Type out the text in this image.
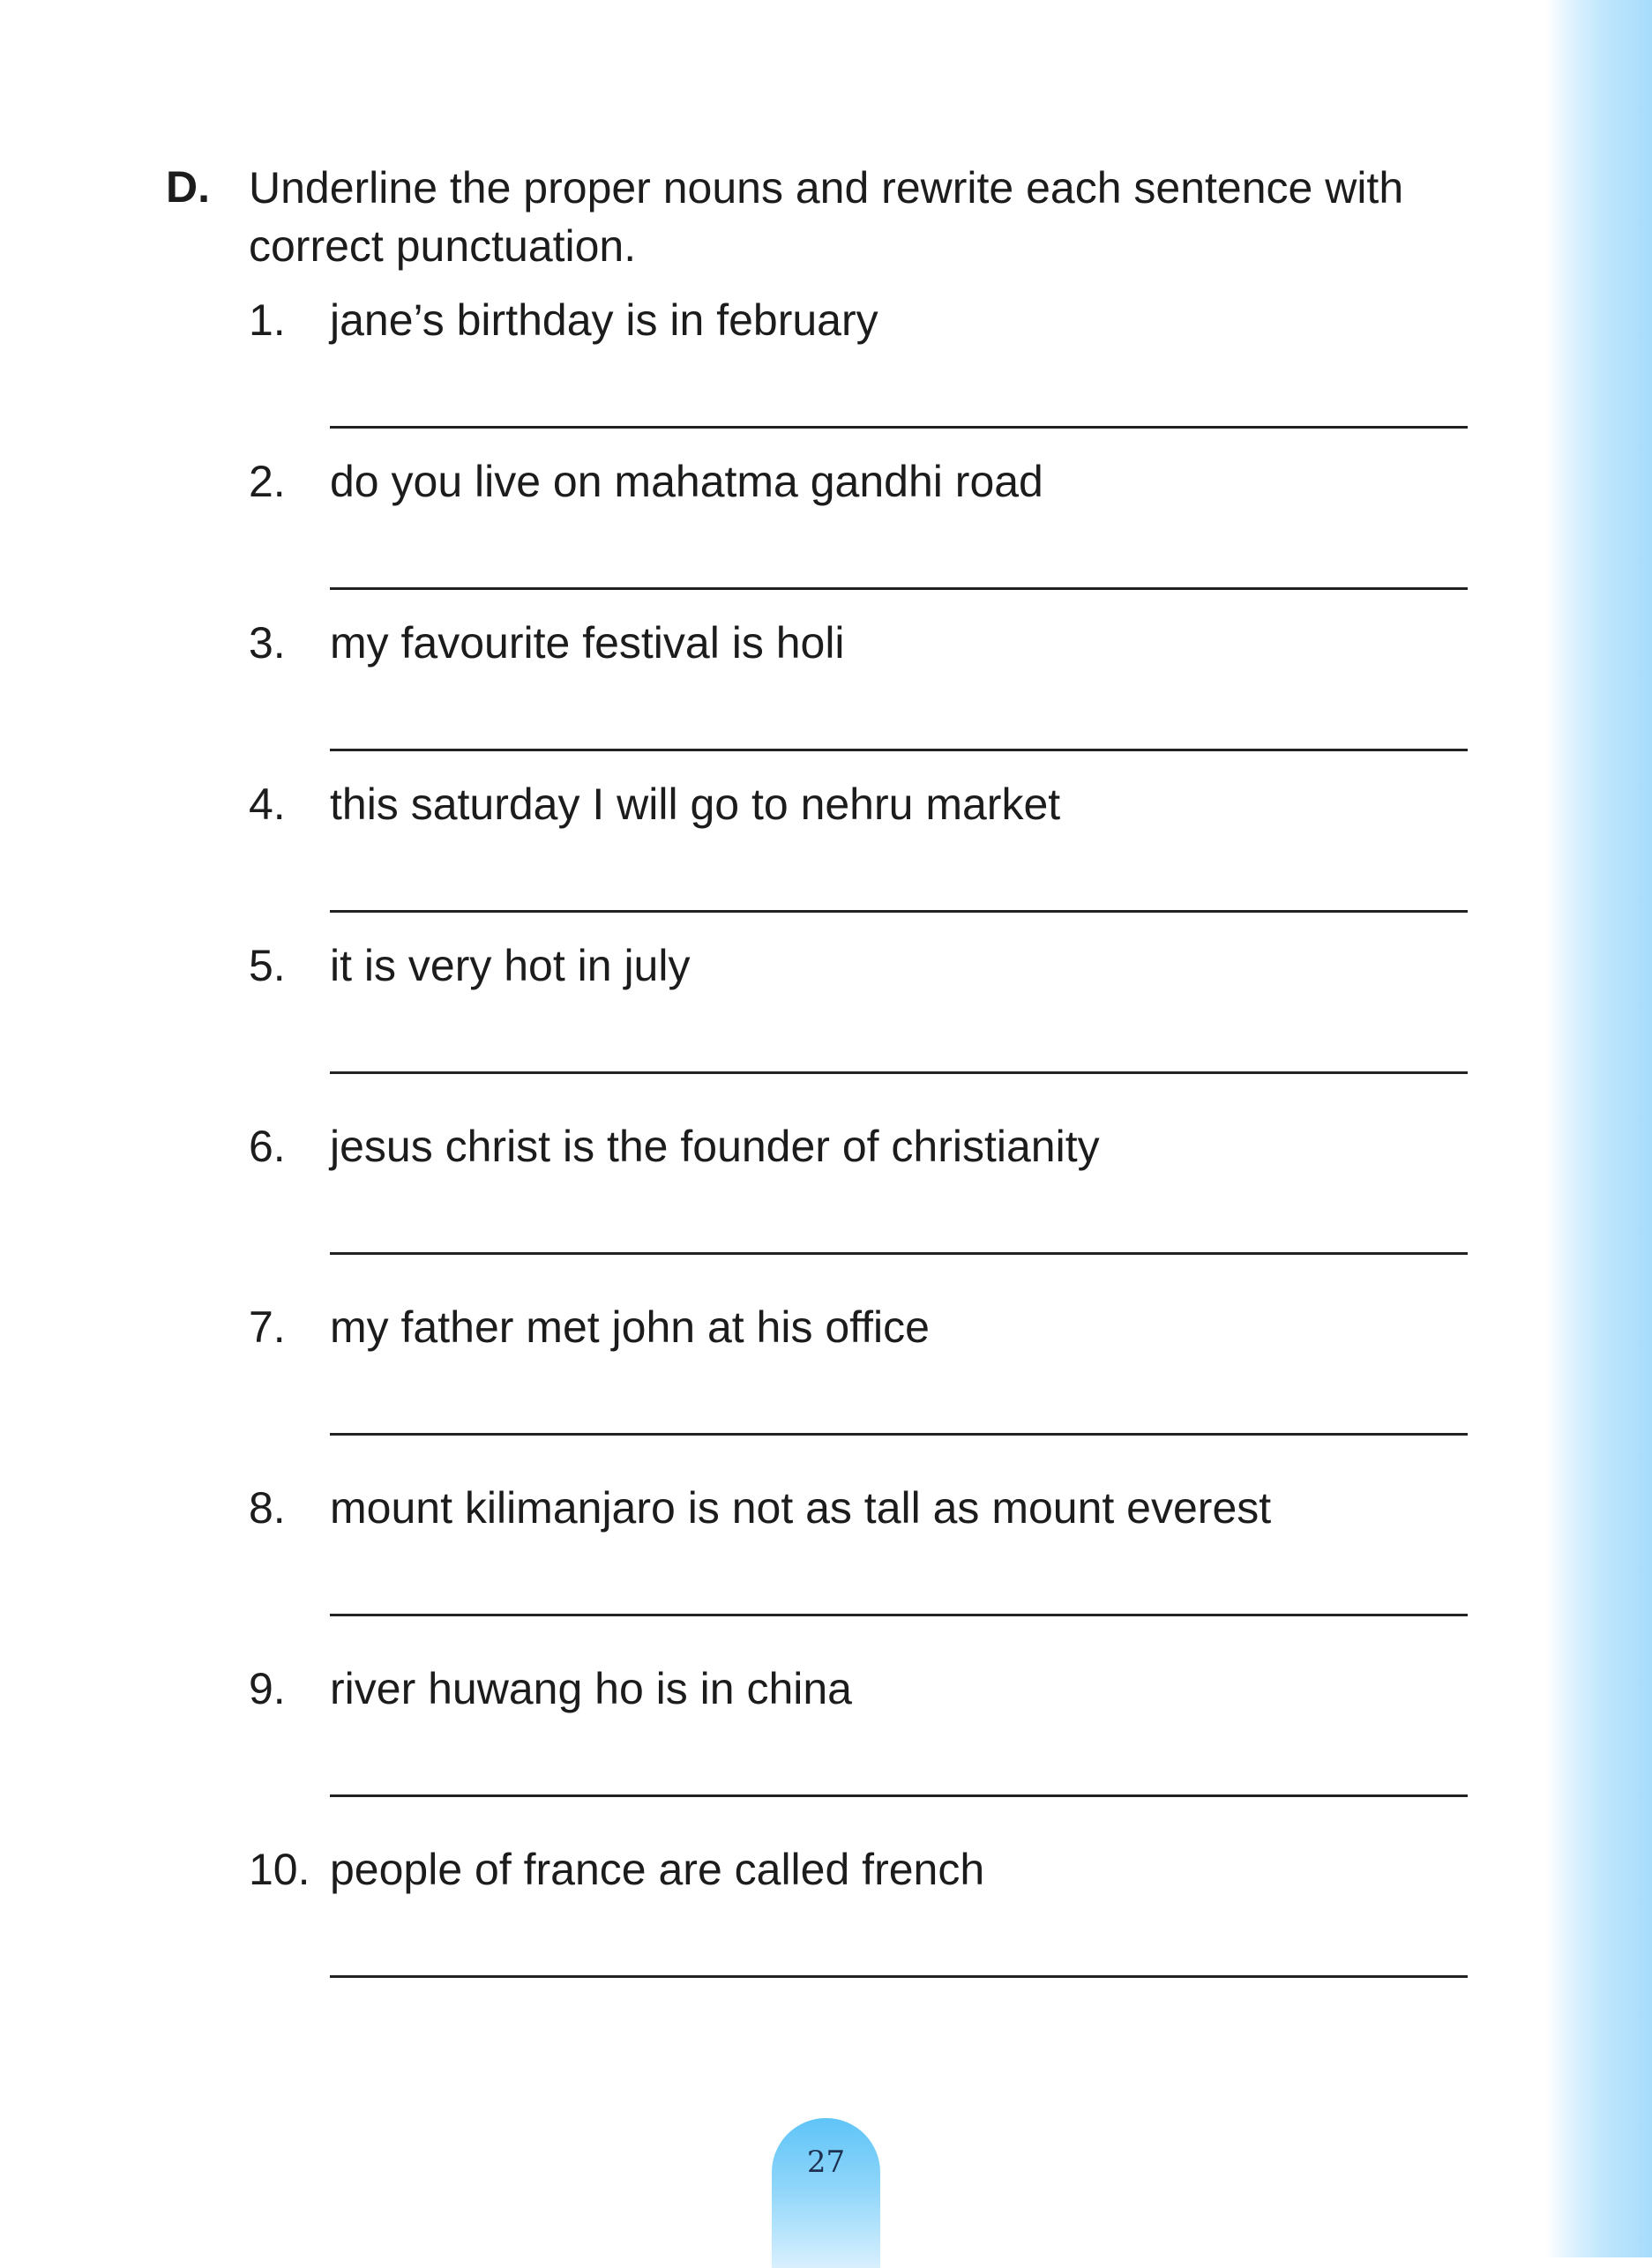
D. Underline the proper nouns and rewrite each sentence with correct punctuation.
1. jane’s birthday is in february
2. do you live on mahatma gandhi road
3. my favourite festival is holi
4. this saturday I will go to nehru market
5. it is very hot in july
6. jesus christ is the founder of christianity
7. my father met john at his office
8. mount kilimanjaro is not as tall as mount everest
9. river huwang ho is in china
10. people of france are called french
27
